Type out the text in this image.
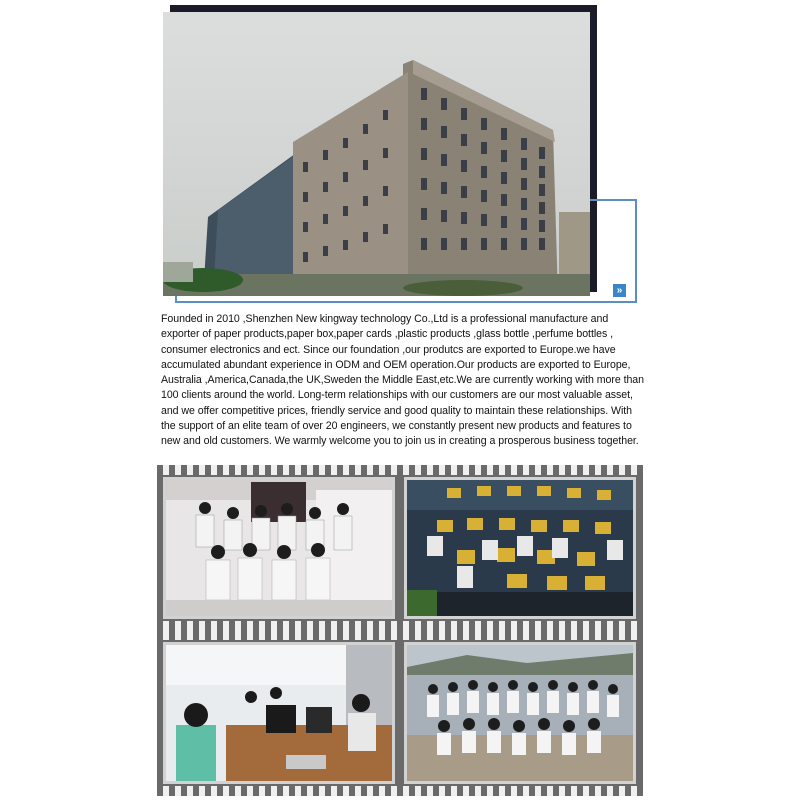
»

Founded in 2010 ,Shenzhen New kingway technology Co.,Ltd is a professional manufacture and exporter of paper products,paper box,paper cards ,plastic products ,glass bottle ,perfume bottles , consumer electronics and ect. Since our foundation ,our produtcs are exported to Europe.we have accumulated abundant experience in ODM and OEM operation.Our products are exported to Europe, Australia ,America,Canada,the UK,Sweden the Middle East,etc.We are currently working with more than 100 clients around the world. Long-term relationships with our customers are our most valuable asset, and we offer competitive prices, friendly service and good quality to maintain these relationships. With the support of an elite team of over 20 engineers, we constantly present new products and features to new and old customers. We warmly welcome you to join us in creating a prosperous business together.
